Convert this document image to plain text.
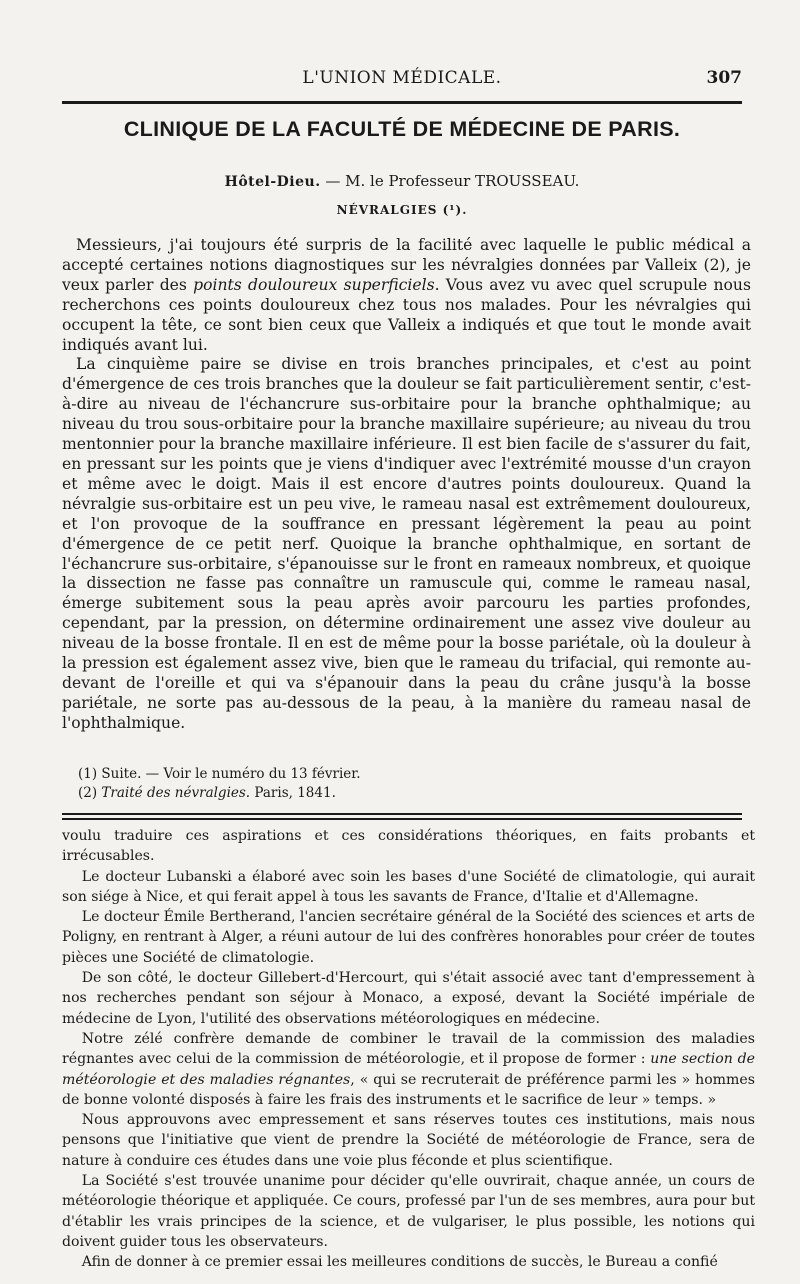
L'UNION MÉDICALE.	307
CLINIQUE DE LA FACULTÉ DE MÉDECINE DE PARIS.
Hôtel-Dieu. — M. le Professeur TROUSSEAU.
NÉVRALGIES (¹).

Messieurs, j'ai toujours été surpris de la facilité avec laquelle le public médical a accepté certaines notions diagnostiques sur les névralgies données par Valleix (2), je veux parler des points douloureux superficiels. Vous avez vu avec quel scrupule nous recherchons ces points douloureux chez tous nos malades. Pour les névralgies qui occupent la tête, ce sont bien ceux que Valleix a indiqués et que tout le monde avait indiqués avant lui.

La cinquième paire se divise en trois branches principales, et c'est au point d'émergence de ces trois branches que la douleur se fait particulièrement sentir, c'est-à-dire au niveau de l'échancrure sus-orbitaire pour la branche ophthalmique; au niveau du trou sous-orbitaire pour la branche maxillaire supérieure; au niveau du trou mentonnier pour la branche maxillaire inférieure. Il est bien facile de s'assurer du fait, en pressant sur les points que je viens d'indiquer avec l'extrémité mousse d'un crayon et même avec le doigt. Mais il est encore d'autres points douloureux. Quand la névralgie sus-orbitaire est un peu vive, le rameau nasal est extrêmement douloureux, et l'on provoque de la souffrance en pressant légèrement la peau au point d'émergence de ce petit nerf. Quoique la branche ophthalmique, en sortant de l'échancrure sus-orbitaire, s'épanouisse sur le front en rameaux nombreux, et quoique la dissection ne fasse pas connaître un ramuscule qui, comme le rameau nasal, émerge subitement sous la peau après avoir parcouru les parties profondes, cependant, par la pression, on détermine ordinairement une assez vive douleur au niveau de la bosse frontale. Il en est de même pour la bosse pariétale, où la douleur à la pression est également assez vive, bien que le rameau du trifacial, qui remonte au-devant de l'oreille et qui va s'épanouir dans la peau du crâne jusqu'à la bosse pariétale, ne sorte pas au-dessous de la peau, à la manière du rameau nasal de l'ophthalmique.

(1) Suite. — Voir le numéro du 13 février.
(2) Traité des névralgies. Paris, 1841.

voulu traduire ces aspirations et ces considérations théoriques, en faits probants et irrécusables.

Le docteur Lubanski a élaboré avec soin les bases d'une Société de climatologie, qui aurait son siége à Nice, et qui ferait appel à tous les savants de France, d'Italie et d'Allemagne.

Le docteur Émile Bertherand, l'ancien secrétaire général de la Société des sciences et arts de Poligny, en rentrant à Alger, a réuni autour de lui des confrères honorables pour créer de toutes pièces une Société de climatologie.

De son côté, le docteur Gillebert-d'Hercourt, qui s'était associé avec tant d'empressement à nos recherches pendant son séjour à Monaco, a exposé, devant la Société impériale de médecine de Lyon, l'utilité des observations météorologiques en médecine.

Notre zélé confrère demande de combiner le travail de la commission des maladies régnantes avec celui de la commission de météorologie, et il propose de former : une section de météorologie et des maladies régnantes, « qui se recruterait de préférence parmi les » hommes de bonne volonté disposés à faire les frais des instruments et le sacrifice de leur » temps. »

Nous approuvons avec empressement et sans réserves toutes ces institutions, mais nous pensons que l'initiative que vient de prendre la Société de météorologie de France, sera de nature à conduire ces études dans une voie plus féconde et plus scientifique.

La Société s'est trouvée unanime pour décider qu'elle ouvrirait, chaque année, un cours de météorologie théorique et appliquée. Ce cours, professé par l'un de ses membres, aura pour but d'établir les vrais principes de la science, et de vulgariser, le plus possible, les notions qui doivent guider tous les observateurs.

Afin de donner à ce premier essai les meilleures conditions de succès, le Bureau a confié
